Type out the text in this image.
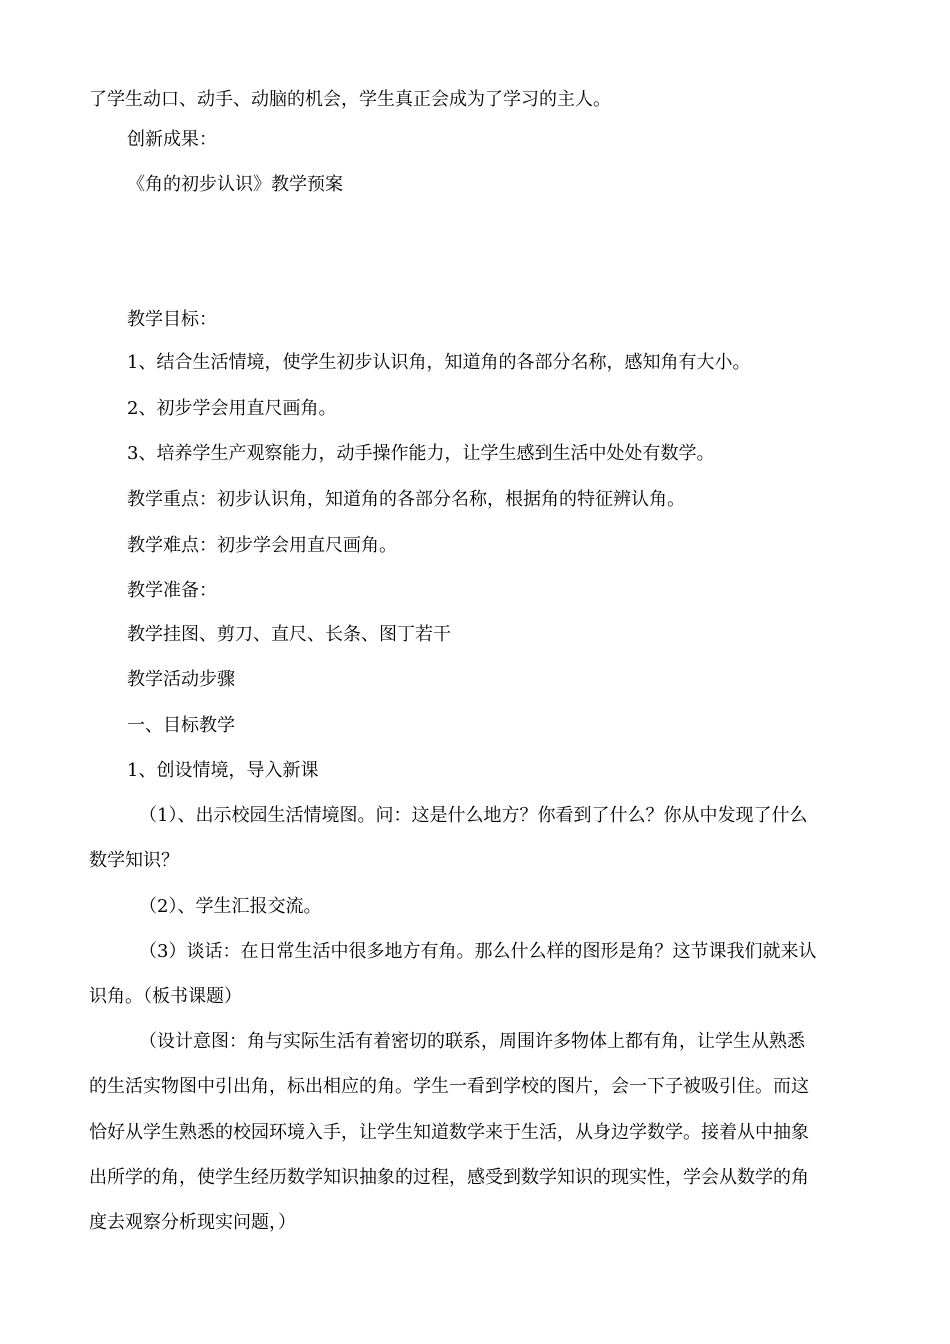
了学生动口、动手、动脑的机会，学生真正会成为了学习的主人。
创新成果：
《角的初步认识》教学预案
教学目标：
1、结合生活情境，使学生初步认识角，知道角的各部分名称，感知角有大小。
2、初步学会用直尺画角。
3、培养学生产观察能力，动手操作能力，让学生感到生活中处处有数学。
教学重点：初步认识角，知道角的各部分名称，根据角的特征辨认角。
教学难点：初步学会用直尺画角。
教学准备：
教学挂图、剪刀、直尺、长条、图丁若干
教学活动步骤
一、目标教学
1、创设情境，导入新课
（1）、出示校园生活情境图。问：这是什么地方？你看到了什么？你从中发现了什么
数学知识？
（2）、学生汇报交流。
（3）谈话：在日常生活中很多地方有角。那么什么样的图形是角？这节课我们就来认
识角。（板书课题）
（设计意图：角与实际生活有着密切的联系，周围许多物体上都有角，让学生从熟悉
的生活实物图中引出角，标出相应的角。学生一看到学校的图片，会一下子被吸引住。而这
恰好从学生熟悉的校园环境入手，让学生知道数学来于生活，从身边学数学。接着从中抽象
出所学的角，使学生经历数学知识抽象的过程，感受到数学知识的现实性，学会从数学的角
度去观察分析现实问题，）
